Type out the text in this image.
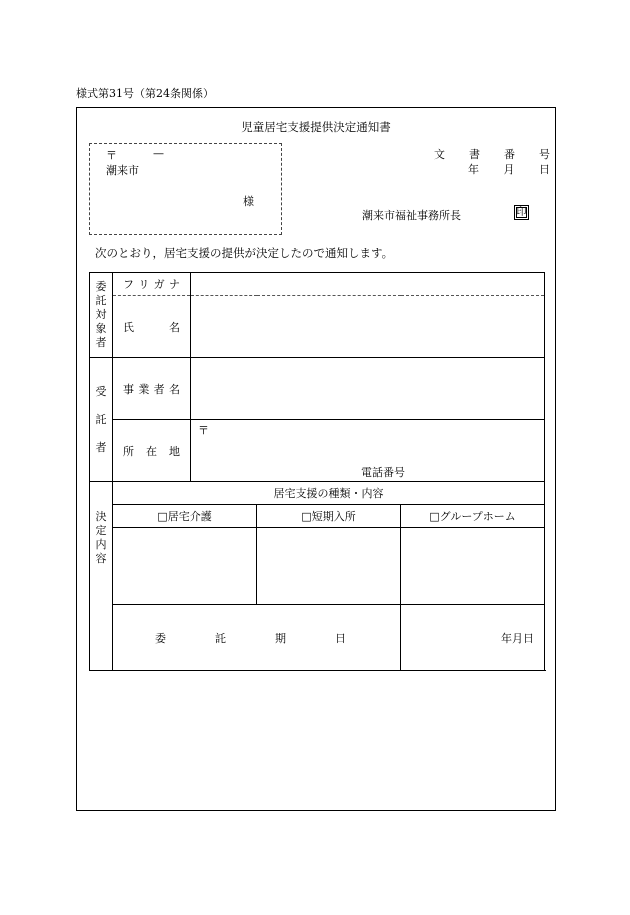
様式第31号（第24条関係）
児童居宅支援提供決定通知書
〒	—
潮来市
様
文 書 番 号
年 月 日
潮来市福祉事務所長	印
次のとおり，居宅支援の提供が決定したので通知します。
委
託
対
象
者	フ リ ガ ナ			

	氏 名			

受

託

者	事 業 者 名			

	所 在 地	〒
電話番号		

決
定
内
容	居宅支援の種類・内容			
	□居宅介護		□短期入所	□グループホーム

	委 託 期 日			年 月 日
